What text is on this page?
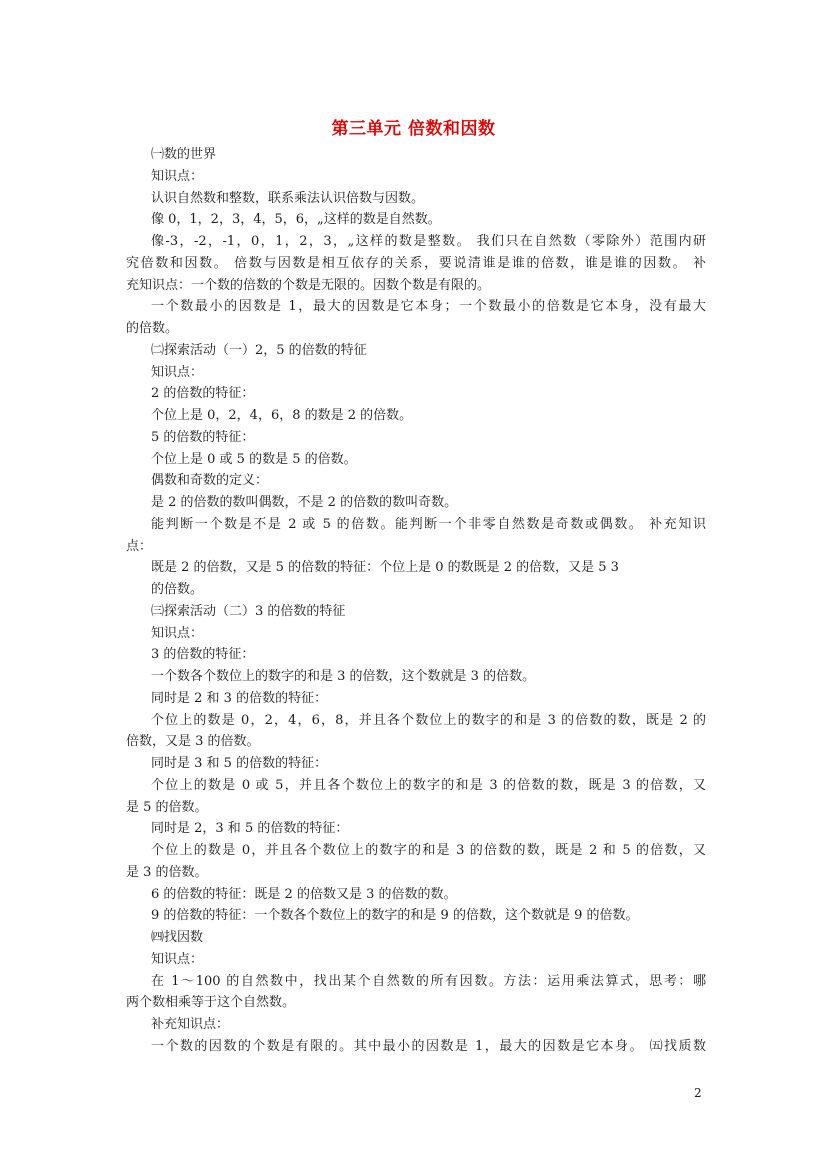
第三单元 倍数和因数
㈠数的世界
知识点：
认识自然数和整数，联系乘法认识倍数与因数。
像 0，1，2，3，4，5，6，„这样的数是自然数。
像-3，-2，-1，0，1，2，3，„这样的数是整数。 我们只在自然数（零除外）范围内研
究倍数和因数。 倍数与因数是相互依存的关系，要说清谁是谁的倍数，谁是谁的因数。 补
充知识点：一个数的倍数的个数是无限的。因数个数是有限的。
一个数最小的因数是 1，最大的因数是它本身；一个数最小的倍数是它本身，没有最大
的倍数。
㈡探索活动（一）2，5 的倍数的特征
知识点：
2 的倍数的特征：
个位上是 0，2，4，6，8 的数是 2 的倍数。
5 的倍数的特征：
个位上是 0 或 5 的数是 5 的倍数。
偶数和奇数的定义：
是 2 的倍数的数叫偶数，不是 2 的倍数的数叫奇数。
能判断一个数是不是 2 或 5 的倍数。能判断一个非零自然数是奇数或偶数。 补充知识
点：
既是 2 的倍数，又是 5 的倍数的特征：个位上是 0 的数既是 2 的倍数，又是 5 3
的倍数。
㈢探索活动（二）3 的倍数的特征
知识点：
3 的倍数的特征：
一个数各个数位上的数字的和是 3 的倍数，这个数就是 3 的倍数。
同时是 2 和 3 的倍数的特征：
个位上的数是 0，2，4，6，8，并且各个数位上的数字的和是 3 的倍数的数，既是 2 的
倍数，又是 3 的倍数。
同时是 3 和 5 的倍数的特征：
个位上的数是 0 或 5，并且各个数位上的数字的和是 3 的倍数的数，既是 3 的倍数，又
是 5 的倍数。
同时是 2，3 和 5 的倍数的特征：
个位上的数是 0，并且各个数位上的数字的和是 3 的倍数的数，既是 2 和 5 的倍数，又
是 3 的倍数。
6 的倍数的特征：既是 2 的倍数又是 3 的倍数的数。
9 的倍数的特征：一个数各个数位上的数字的和是 9 的倍数，这个数就是 9 的倍数。
㈣找因数
知识点：
在 1～100 的自然数中，找出某个自然数的所有因数。方法：运用乘法算式，思考：哪
两个数相乘等于这个自然数。
补充知识点：
一个数的因数的个数是有限的。其中最小的因数是 1，最大的因数是它本身。 ㈤找质数
2
